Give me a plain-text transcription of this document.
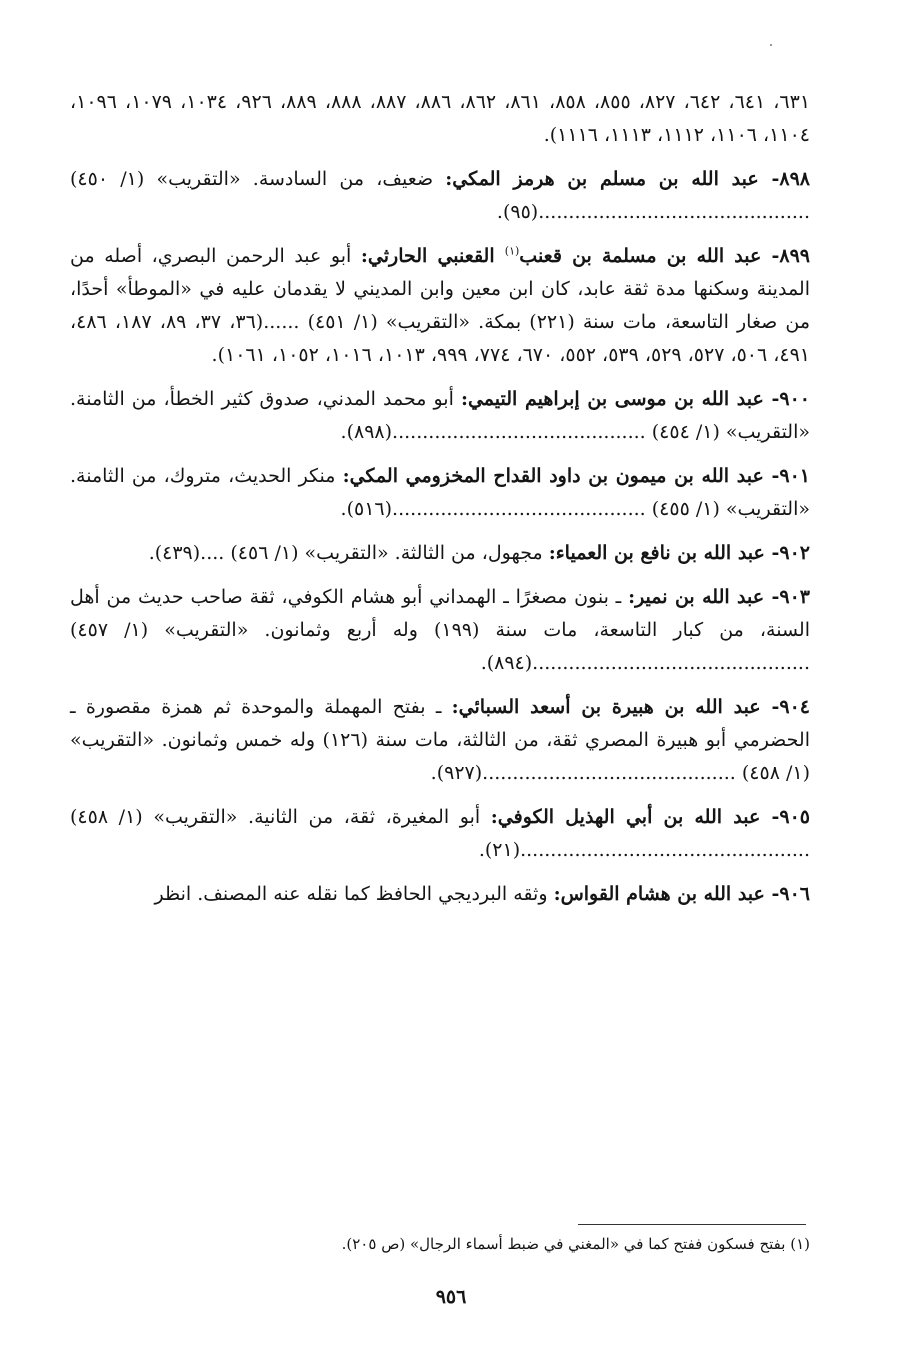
٦٣١، ٦٤١، ٦٤٢، ٨٢٧، ٨٥٥، ٨٥٨، ٨٦١، ٨٦٢، ٨٨٦، ٨٨٧، ٨٨٨، ٨٨٩، ٩٢٦، ١٠٣٤، ١٠٧٩، ١٠٩٦، ١١٠٤، ١١٠٦، ١١١٢، ١١١٣، ١١١٦).

٨٩٨- عبد الله بن مسلم بن هرمز المكي: ضعيف، من السادسة. «التقريب» (١/ ٤٥٠) .............................................(٩٥).

٨٩٩- عبد الله بن مسلمة بن قعنب$^{(١)}$ القعنبي الحارثي: أبو عبد الرحمن البصري، أصله من المدينة وسكنها مدة ثقة عابد، كان ابن معين وابن المديني لا يقدمان عليه في «الموطأ» أحدًا، من صغار التاسعة، مات سنة (٢٢١) بمكة. «التقريب» (١/ ٤٥١) ......(٣٦، ٣٧، ٨٩، ١٨٧، ٤٨٦، ٤٩١، ٥٠٦، ٥٢٧، ٥٢٩، ٥٣٩، ٥٥٢، ٦٧٠، ٧٧٤، ٩٩٩، ١٠١٣، ١٠١٦، ١٠٥٢، ١٠٦١).

٩٠٠- عبد الله بن موسى بن إبراهيم التيمي: أبو محمد المدني، صدوق كثير الخطأ، من الثامنة. «التقريب» (١/ ٤٥٤) ..........................................(٨٩٨).

٩٠١- عبد الله بن ميمون بن داود القداح المخزومي المكي: منكر الحديث، متروك، من الثامنة. «التقريب» (١/ ٤٥٥) ..........................................(٥١٦).

٩٠٢- عبد الله بن نافع بن العمياء: مجهول، من الثالثة. «التقريب» (١/ ٤٥٦) ....(٤٣٩).

٩٠٣- عبد الله بن نمير: ـ بنون مصغرًا ـ الهمداني أبو هشام الكوفي، ثقة صاحب حديث من أهل السنة، من كبار التاسعة، مات سنة (١٩٩) وله أربع وثمانون. «التقريب» (١/ ٤٥٧) ..............................................(٨٩٤).

٩٠٤- عبد الله بن هبيرة بن أسعد السبائي: ـ بفتح المهملة والموحدة ثم همزة مقصورة ـ الحضرمي أبو هبيرة المصري ثقة، من الثالثة، مات سنة (١٢٦) وله خمس وثمانون. «التقريب» (١/ ٤٥٨) ..........................................(٩٢٧).

٩٠٥- عبد الله بن أبي الهذيل الكوفي: أبو المغيرة، ثقة، من الثانية. «التقريب» (١/ ٤٥٨) ................................................(٢١).

٩٠٦- عبد الله بن هشام القواس: وثقه البرديجي الحافظ كما نقله عنه المصنف. انظر

(١) بفتح فسكون ففتح كما في «المغني في ضبط أسماء الرجال» (ص ٢٠٥).
٩٥٦
